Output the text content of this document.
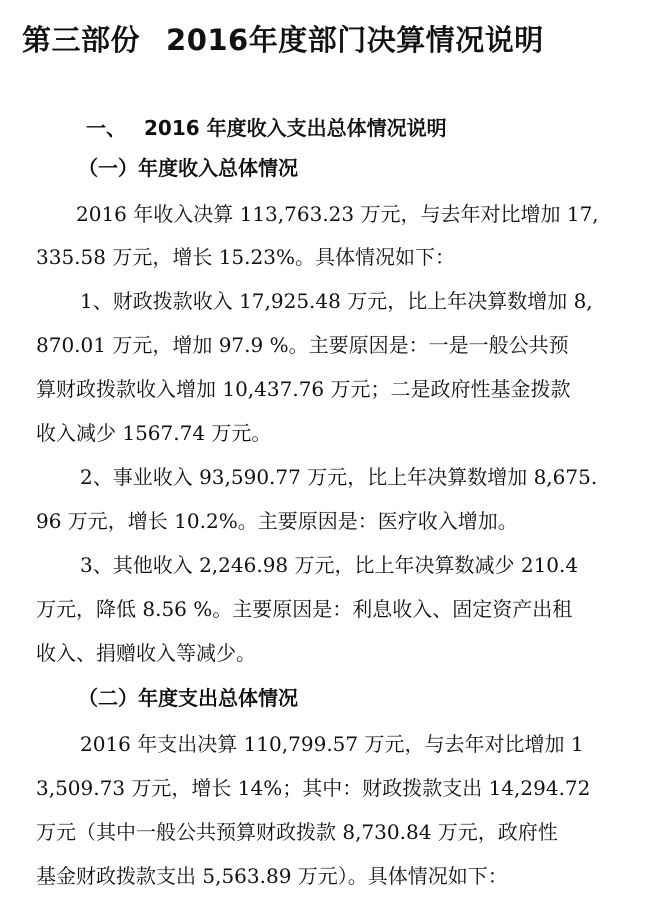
第三部份 2016年度部门决算情况说明
一、 2016 年度收入支出总体情况说明
（一）年度收入总体情况
2016 年收入决算 113,763.23 万元，与去年对比增加 17,
335.58 万元，增长 15.23%。具体情况如下：
1、财政拨款收入 17,925.48 万元，比上年决算数增加 8,
870.01 万元，增加 97.9 %。主要原因是：一是一般公共预
算财政拨款收入增加 10,437.76 万元；二是政府性基金拨款
收入减少 1567.74 万元。
2、事业收入 93,590.77 万元，比上年决算数增加 8,675.
96 万元，增长 10.2%。主要原因是：医疗收入增加。
3、其他收入 2,246.98 万元，比上年决算数减少 210.4
万元，降低 8.56 %。主要原因是：利息收入、固定资产出租
收入、捐赠收入等减少。
（二）年度支出总体情况
2016 年支出决算 110,799.57 万元，与去年对比增加 1
3,509.73 万元，增长 14%；其中：财政拨款支出 14,294.72
万元（其中一般公共预算财政拨款 8,730.84 万元，政府性
基金财政拨款支出 5,563.89 万元）。具体情况如下：
